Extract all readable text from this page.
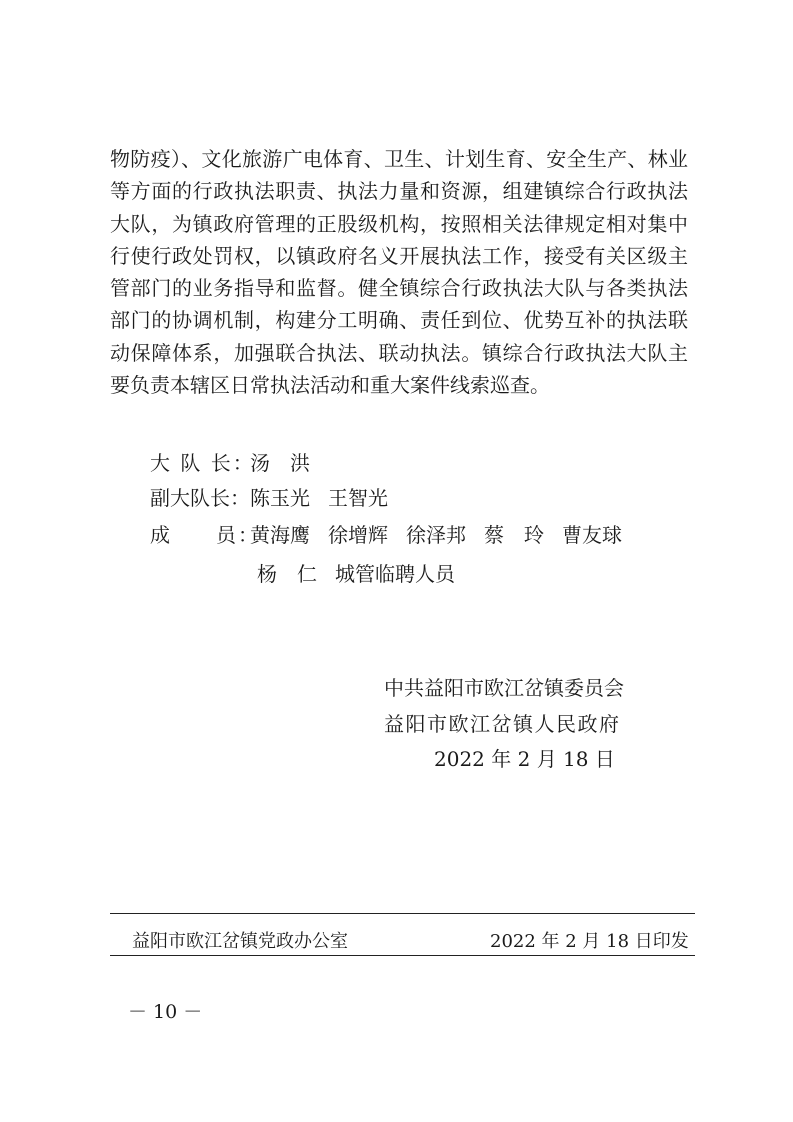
物防疫）、文化旅游广电体育、卫生、计划生育、安全生产、林业等方面的行政执法职责、执法力量和资源，组建镇综合行政执法大队，为镇政府管理的正股级机构，按照相关法律规定相对集中行使行政处罚权，以镇政府名义开展执法工作，接受有关区级主管部门的业务指导和监督。健全镇综合行政执法大队与各类执法部门的协调机制，构建分工明确、责任到位、优势互补的执法联动保障体系，加强联合执法、联动执法。镇综合行政执法大队主要负责本辖区日常执法活动和重大案件线索巡查。

大 队 长：汤　洪
副大队长：陈玉光 王智光
成　　员：黄海鹰 徐增辉 徐泽邦 蔡　玲 曹友球
杨　仁 城管临聘人员
中共益阳市欧江岔镇委员会
益阳市欧江岔镇人民政府
2022 年 2 月 18 日
益阳市欧江岔镇党政办公室	2022 年 2 月 18 日印发
－ 10 －
